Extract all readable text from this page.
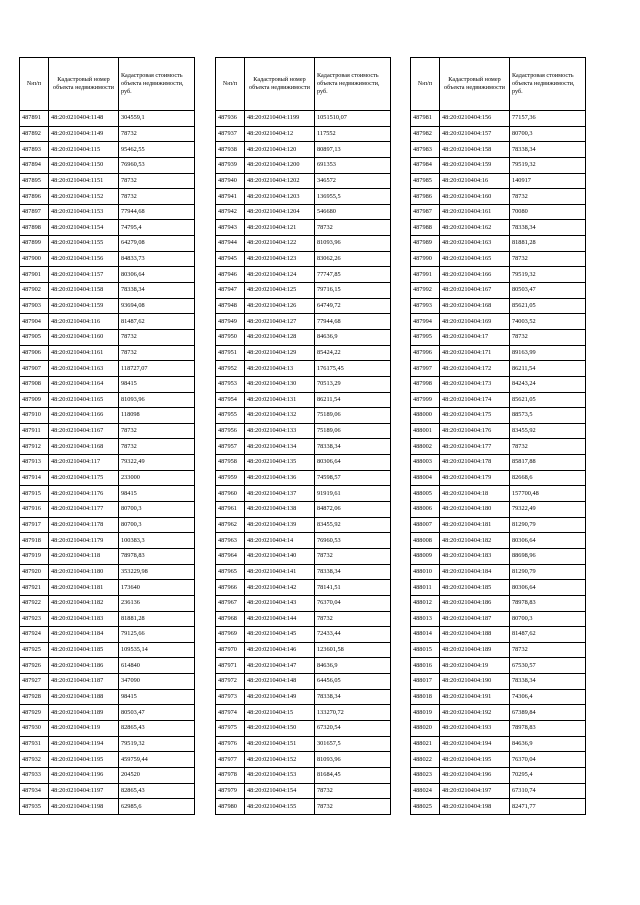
№п/п	Кадастровый номер объекта недвижимости	Кадастровая стоимость объекта недвижимости, руб.
487891	48:20:0210404:1148	304559,1
487892	48:20:0210404:1149	78732
487893	48:20:0210404:115	95462,55
487894	48:20:0210404:1150	76960,53
487895	48:20:0210404:1151	78732
487896	48:20:0210404:1152	78732
487897	48:20:0210404:1153	77944,68
487898	48:20:0210404:1154	74795,4
487899	48:20:0210404:1155	64279,08
487900	48:20:0210404:1156	84833,73
487901	48:20:0210404:1157	80306,64
487902	48:20:0210404:1158	78338,34
487903	48:20:0210404:1159	93694,08
487904	48:20:0210404:116	81487,62
487905	48:20:0210404:1160	78732
487906	48:20:0210404:1161	78732
487907	48:20:0210404:1163	118727,07
487908	48:20:0210404:1164	98415
487909	48:20:0210404:1165	81093,96
487910	48:20:0210404:1166	118098
487911	48:20:0210404:1167	78732
487912	48:20:0210404:1168	78732
487913	48:20:0210404:117	79322,49
487914	48:20:0210404:1175	233000
487915	48:20:0210404:1176	98415
487916	48:20:0210404:1177	80700,3
487917	48:20:0210404:1178	80700,3
487918	48:20:0210404:1179	100383,3
487919	48:20:0210404:118	78978,83
487920	48:20:0210404:1180	353229,98
487921	48:20:0210404:1181	173640
487922	48:20:0210404:1182	236136
487923	48:20:0210404:1183	81881,28
487924	48:20:0210404:1184	79125,66
487925	48:20:0210404:1185	109535,14
487926	48:20:0210404:1186	614840
487927	48:20:0210404:1187	347090
487928	48:20:0210404:1188	98415
487929	48:20:0210404:1189	80503,47
487930	48:20:0210404:119	82865,43
487931	48:20:0210404:1194	79519,32
487932	48:20:0210404:1195	459759,44
487933	48:20:0210404:1196	204520
487934	48:20:0210404:1197	82865,43
487935	48:20:0210404:1198	62985,6
№п/п	Кадастровый номер объекта недвижимости	Кадастровая стоимость объекта недвижимости, руб.
487936	48:20:0210404:1199	1051510,07
487937	48:20:0210404:12	117552
487938	48:20:0210404:120	80897,13
487939	48:20:0210404:1200	691353
487940	48:20:0210404:1202	346572
487941	48:20:0210404:1203	136955,5
487942	48:20:0210404:1204	546680
487943	48:20:0210404:121	78732
487944	48:20:0210404:122	81093,96
487945	48:20:0210404:123	83062,26
487946	48:20:0210404:124	77747,85
487947	48:20:0210404:125	79716,15
487948	48:20:0210404:126	64749,72
487949	48:20:0210404:127	77944,68
487950	48:20:0210404:128	84636,9
487951	48:20:0210404:129	85424,22
487952	48:20:0210404:13	176175,45
487953	48:20:0210404:130	70513,29
487954	48:20:0210404:131	86211,54
487955	48:20:0210404:132	75189,06
487956	48:20:0210404:133	75189,06
487957	48:20:0210404:134	78338,34
487958	48:20:0210404:135	80306,64
487959	48:20:0210404:136	74598,57
487960	48:20:0210404:137	91919,61
487961	48:20:0210404:138	84872,06
487962	48:20:0210404:139	83455,92
487963	48:20:0210404:14	76960,53
487964	48:20:0210404:140	78732
487965	48:20:0210404:141	78338,34
487966	48:20:0210404:142	78141,51
487967	48:20:0210404:143	76370,04
487968	48:20:0210404:144	78732
487969	48:20:0210404:145	72433,44
487970	48:20:0210404:146	123601,58
487971	48:20:0210404:147	84636,9
487972	48:20:0210404:148	64456,05
487973	48:20:0210404:149	78338,34
487974	48:20:0210404:15	133270,72
487975	48:20:0210404:150	67320,54
487976	48:20:0210404:151	301657,5
487977	48:20:0210404:152	81093,96
487978	48:20:0210404:153	81684,45
487979	48:20:0210404:154	78732
487980	48:20:0210404:155	78732
№п/п	Кадастровый номер объекта недвижимости	Кадастровая стоимость объекта недвижимости, руб.
487981	48:20:0210404:156	77157,36
487982	48:20:0210404:157	80700,3
487983	48:20:0210404:158	78338,34
487984	48:20:0210404:159	79519,32
487985	48:20:0210404:16	140917
487986	48:20:0210404:160	78732
487987	48:20:0210404:161	70080
487988	48:20:0210404:162	78338,34
487989	48:20:0210404:163	81881,28
487990	48:20:0210404:165	78732
487991	48:20:0210404:166	79519,32
487992	48:20:0210404:167	80503,47
487993	48:20:0210404:168	85621,05
487994	48:20:0210404:169	74003,52
487995	48:20:0210404:17	78732
487996	48:20:0210404:171	89163,99
487997	48:20:0210404:172	86211,54
487998	48:20:0210404:173	84243,24
487999	48:20:0210404:174	85621,05
488000	48:20:0210404:175	88573,5
488001	48:20:0210404:176	83455,92
488002	48:20:0210404:177	78732
488003	48:20:0210404:178	85817,88
488004	48:20:0210404:179	82668,6
488005	48:20:0210404:18	157700,48
488006	48:20:0210404:180	79322,49
488007	48:20:0210404:181	81290,79
488008	48:20:0210404:182	80306,64
488009	48:20:0210404:183	88698,96
488010	48:20:0210404:184	81290,79
488011	48:20:0210404:185	80306,64
488012	48:20:0210404:186	78978,83
488013	48:20:0210404:187	80700,3
488014	48:20:0210404:188	81487,62
488015	48:20:0210404:189	78732
488016	48:20:0210404:19	67530,57
488017	48:20:0210404:190	78338,34
488018	48:20:0210404:191	74306,4
488019	48:20:0210404:192	67389,84
488020	48:20:0210404:193	78978,83
488021	48:20:0210404:194	84636,9
488022	48:20:0210404:195	76370,04
488023	48:20:0210404:196	70295,4
488024	48:20:0210404:197	67310,74
488025	48:20:0210404:198	82471,77
